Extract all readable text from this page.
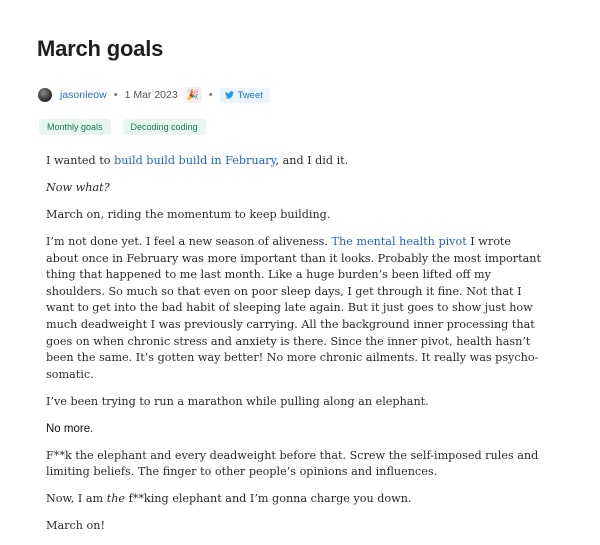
March goals
jasonleow • 1 Mar 2023 🎉 •	Tweet
Monthly goals	Decoding coding

I wanted to build build build in February, and I did it.

Now what?

March on, riding the momentum to keep building.

I’m not done yet. I feel a new season of aliveness. The mental health pivot I wrote about once in February was more important than it looks. Probably the most important thing that happened to me last month. Like a huge burden’s been lifted off my shoulders. So much so that even on poor sleep days, I get through it fine. Not that I want to get into the bad habit of sleeping late again. But it just goes to show just how much deadweight I was previously carrying. All the background inner processing that goes on when chronic stress and anxiety is there. Since the inner pivot, health hasn’t been the same. It’s gotten way better! No more chronic ailments. It really was psycho-somatic.

I’ve been trying to run a marathon while pulling along an elephant.

No more.

F**k the elephant and every deadweight before that. Screw the self-imposed rules and limiting beliefs. The finger to other people’s opinions and influences.

Now, I am the f**king elephant and I’m gonna charge you down.

March on!
